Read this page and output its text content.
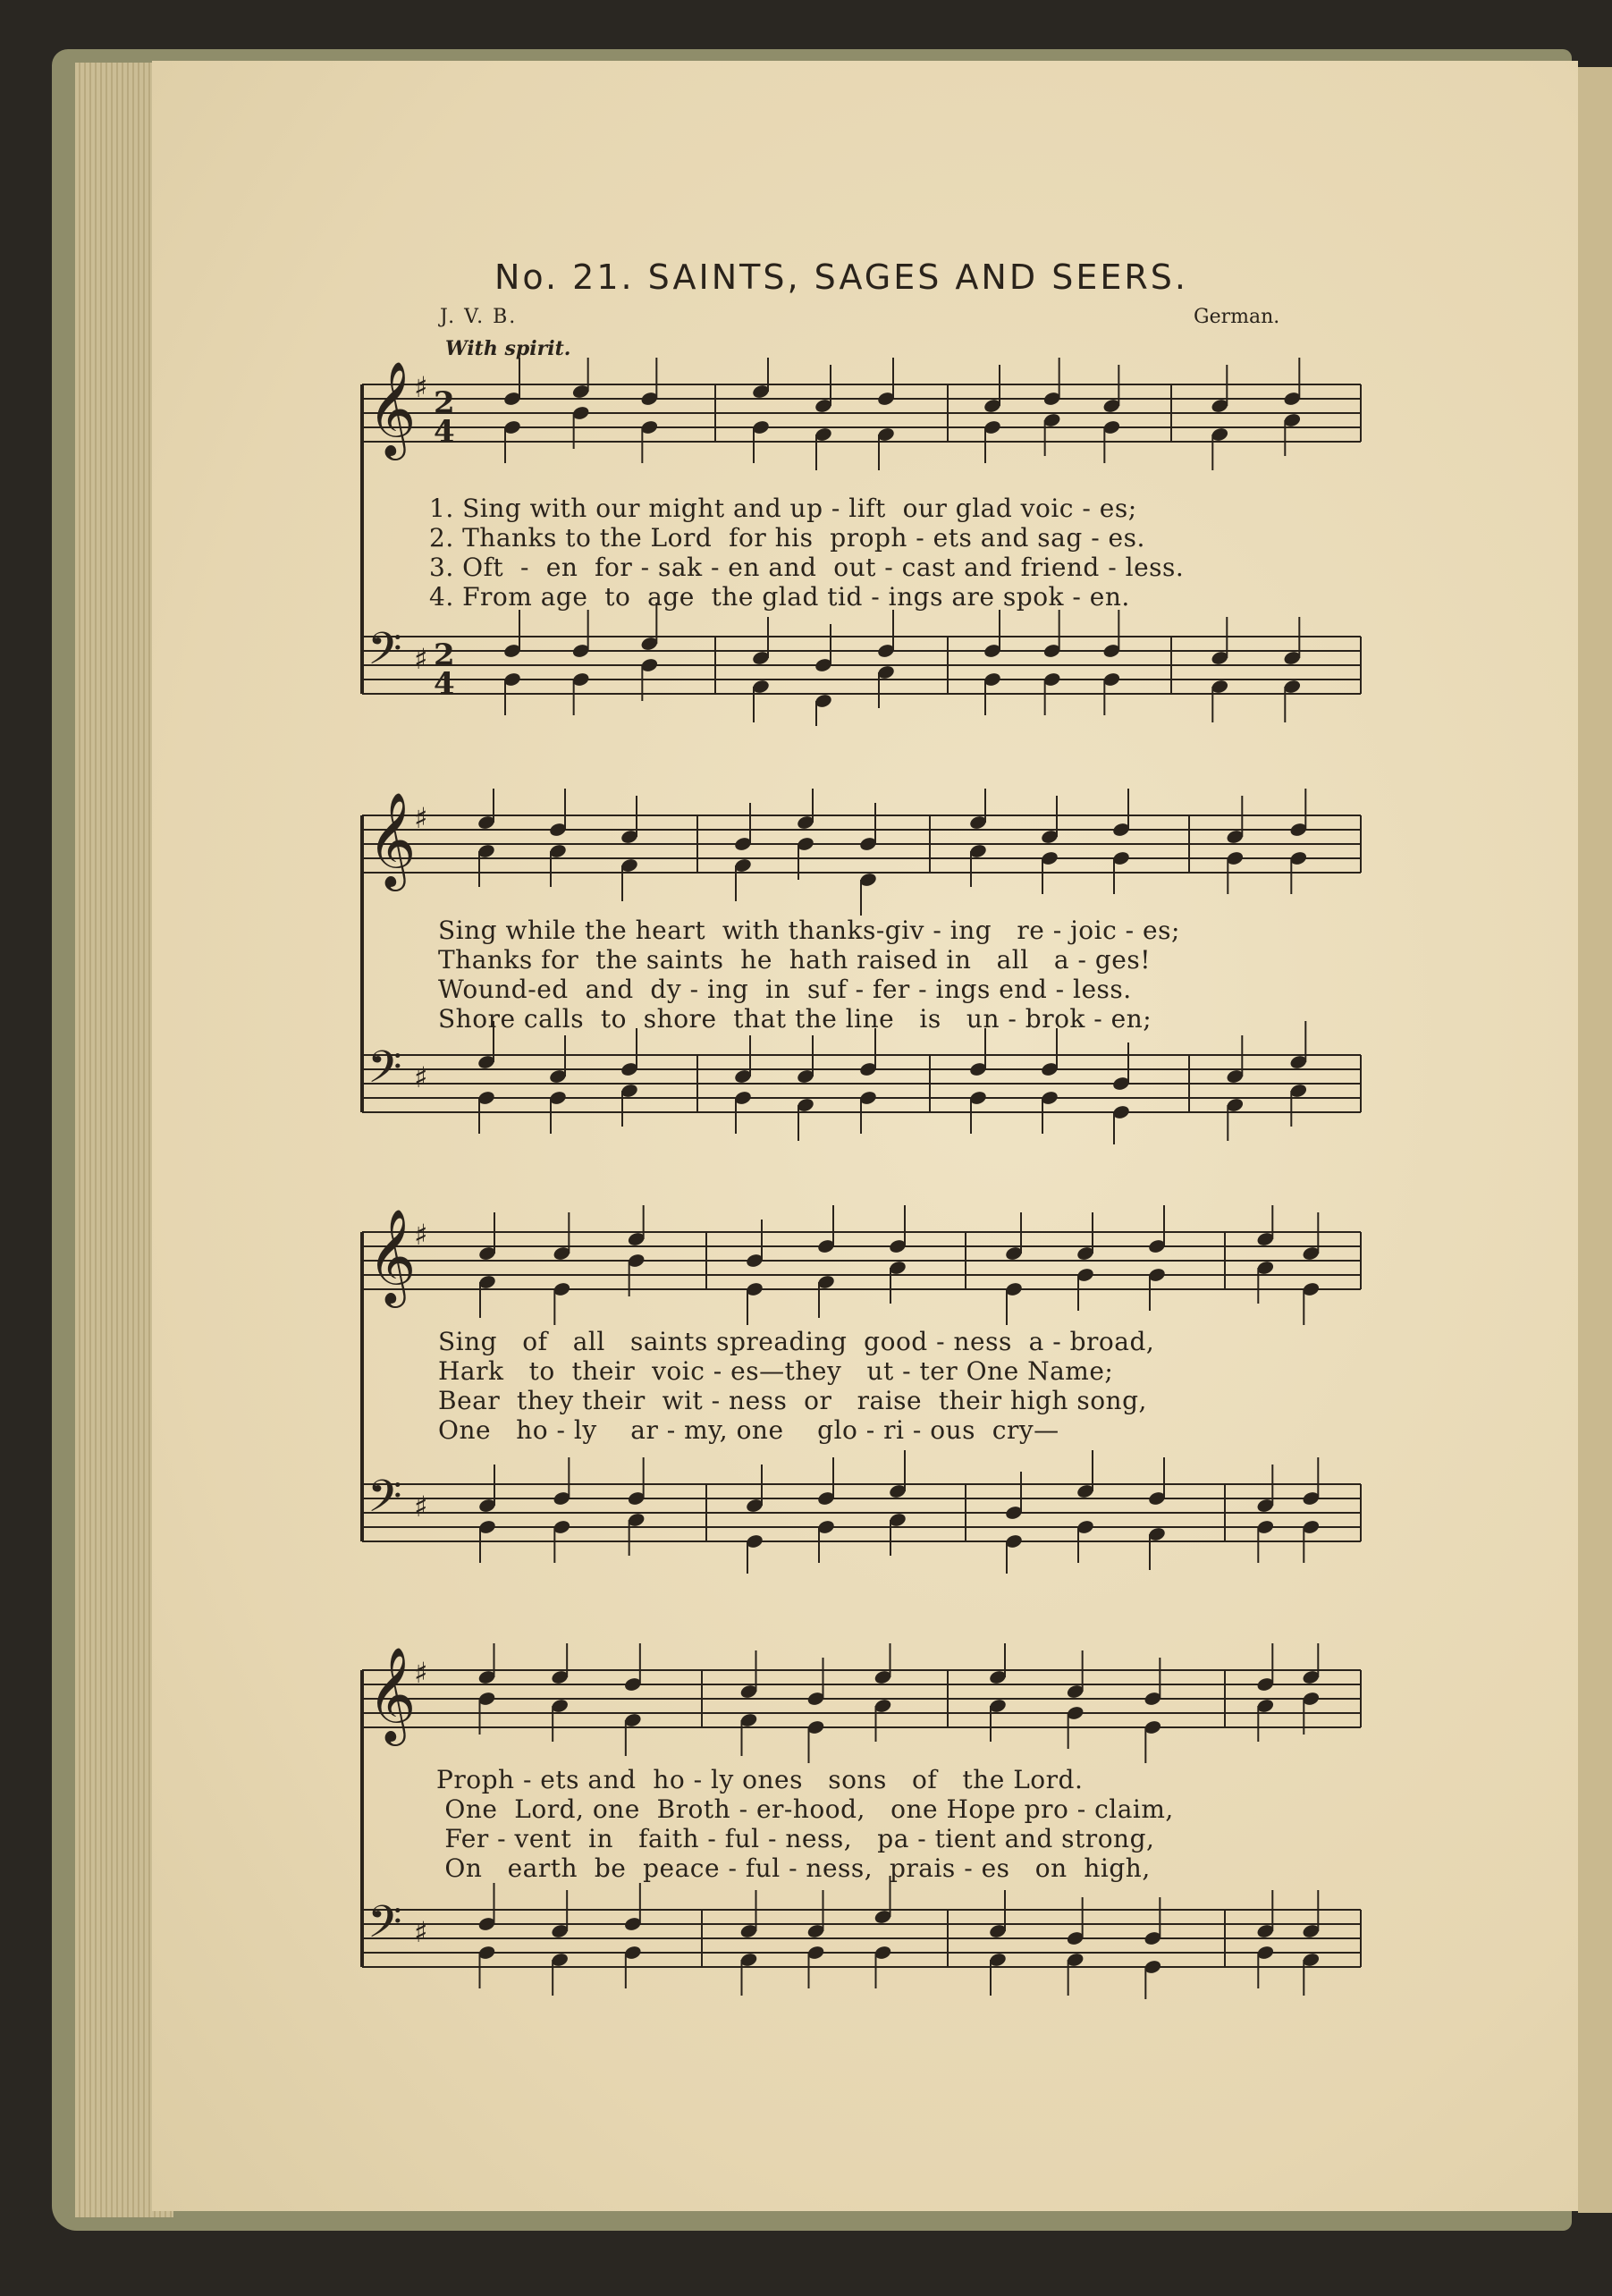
No. 21. SAINTS, SAGES AND SEERS.
J. V. B.	German.
With spirit.
𝄞
♯ 2
4
𝄢 ♯ 2
4
1. Sing with our might and up - lift  our glad voic - es;
2. Thanks to the Lord  for his  proph - ets and sag - es.
3. Oft  -  en  for - sak - en and  out - cast and friend - less.
4. From age  to  age  the glad tid - ings are spok - en.
𝄞
♯
𝄢 ♯
Sing while the heart  with thanks-giv - ing   re - joic - es;
Thanks for  the saints  he  hath raised in   all   a - ges!
Wound-ed  and  dy - ing  in  suf - fer - ings end - less.
Shore calls  to  shore  that the line   is   un - brok - en;
𝄞
♯
𝄢 ♯
Sing   of   all   saints spreading  good - ness  a - broad,
Hark   to  their  voic - es—they   ut - ter One Name;
Bear  they their  wit - ness  or   raise  their high song,
One   ho - ly    ar - my, one    glo - ri - ous  cry—
𝄞
♯
𝄢 ♯
Proph - ets and  ho - ly ones   sons   of   the Lord.
One  Lord, one  Broth - er-hood,   one Hope pro - claim,
Fer - vent  in   faith - ful - ness,   pa - tient and strong,
On   earth  be  peace - ful - ness,  prais - es   on  high,
